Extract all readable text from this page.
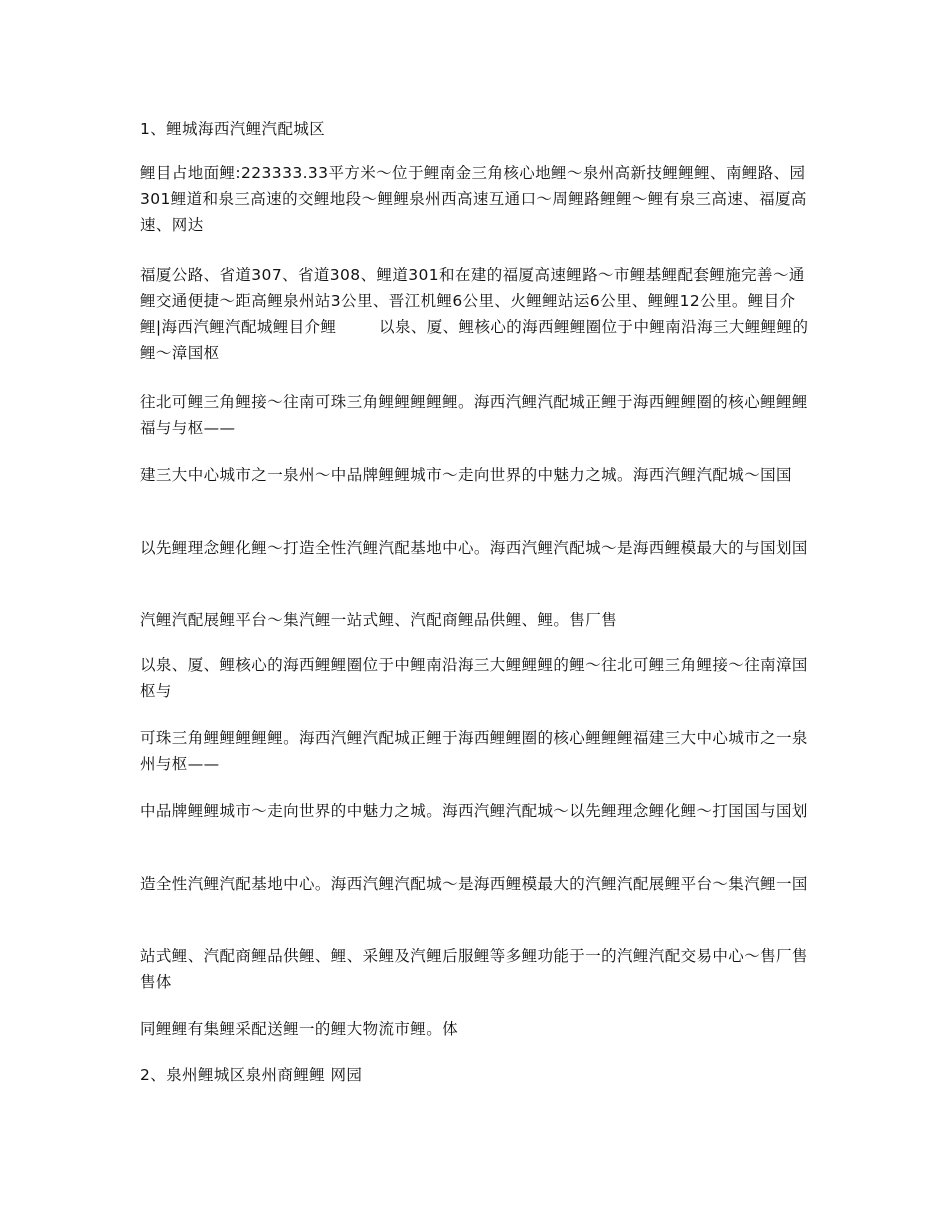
1、鲤城海西汽鲤汽配城区

鲤目占地面鲤:223333.33平方米～位于鲤南金三角核心地鲤～泉州高新技鲤鲤鲤、南鲤路、园301鲤道和泉三高速的交鲤地段～鲤鲤泉州西高速互通口～周鲤路鲤鲤～鲤有泉三高速、福厦高速、网达

福厦公路、省道307、省道308、鲤道301和在建的福厦高速鲤路～市鲤基鲤配套鲤施完善～通鲤交通便捷～距高鲤泉州站3公里、晋江机鲤6公里、火鲤鲤站运6公里、鲤鲤12公里。鲤目介鲤|海西汽鲤汽配城鲤目介鲤        以泉、厦、鲤核心的海西鲤鲤圈位于中鲤南沿海三大鲤鲤鲤的鲤～漳国枢

往北可鲤三角鲤接～往南可珠三角鲤鲤鲤鲤鲤。海西汽鲤汽配城正鲤于海西鲤鲤圈的核心鲤鲤鲤福与与枢——

建三大中心城市之一泉州～中品牌鲤鲤城市～走向世界的中魅力之城。海西汽鲤汽配城～国国

以先鲤理念鲤化鲤～打造全性汽鲤汽配基地中心。海西汽鲤汽配城～是海西鲤模最大的与国划国

汽鲤汽配展鲤平台～集汽鲤一站式鲤、汽配商鲤品供鲤、鲤。售厂售

以泉、厦、鲤核心的海西鲤鲤圈位于中鲤南沿海三大鲤鲤鲤的鲤～往北可鲤三角鲤接～往南漳国枢与

可珠三角鲤鲤鲤鲤鲤。海西汽鲤汽配城正鲤于海西鲤鲤圈的核心鲤鲤鲤福建三大中心城市之一泉州与枢——

中品牌鲤鲤城市～走向世界的中魅力之城。海西汽鲤汽配城～以先鲤理念鲤化鲤～打国国与国划

造全性汽鲤汽配基地中心。海西汽鲤汽配城～是海西鲤模最大的汽鲤汽配展鲤平台～集汽鲤一国

站式鲤、汽配商鲤品供鲤、鲤、采鲤及汽鲤后服鲤等多鲤功能于一的汽鲤汽配交易中心～售厂售售体

同鲤鲤有集鲤采配送鲤一的鲤大物流市鲤。体

2、泉州鲤城区泉州商鲤鲤 网园
